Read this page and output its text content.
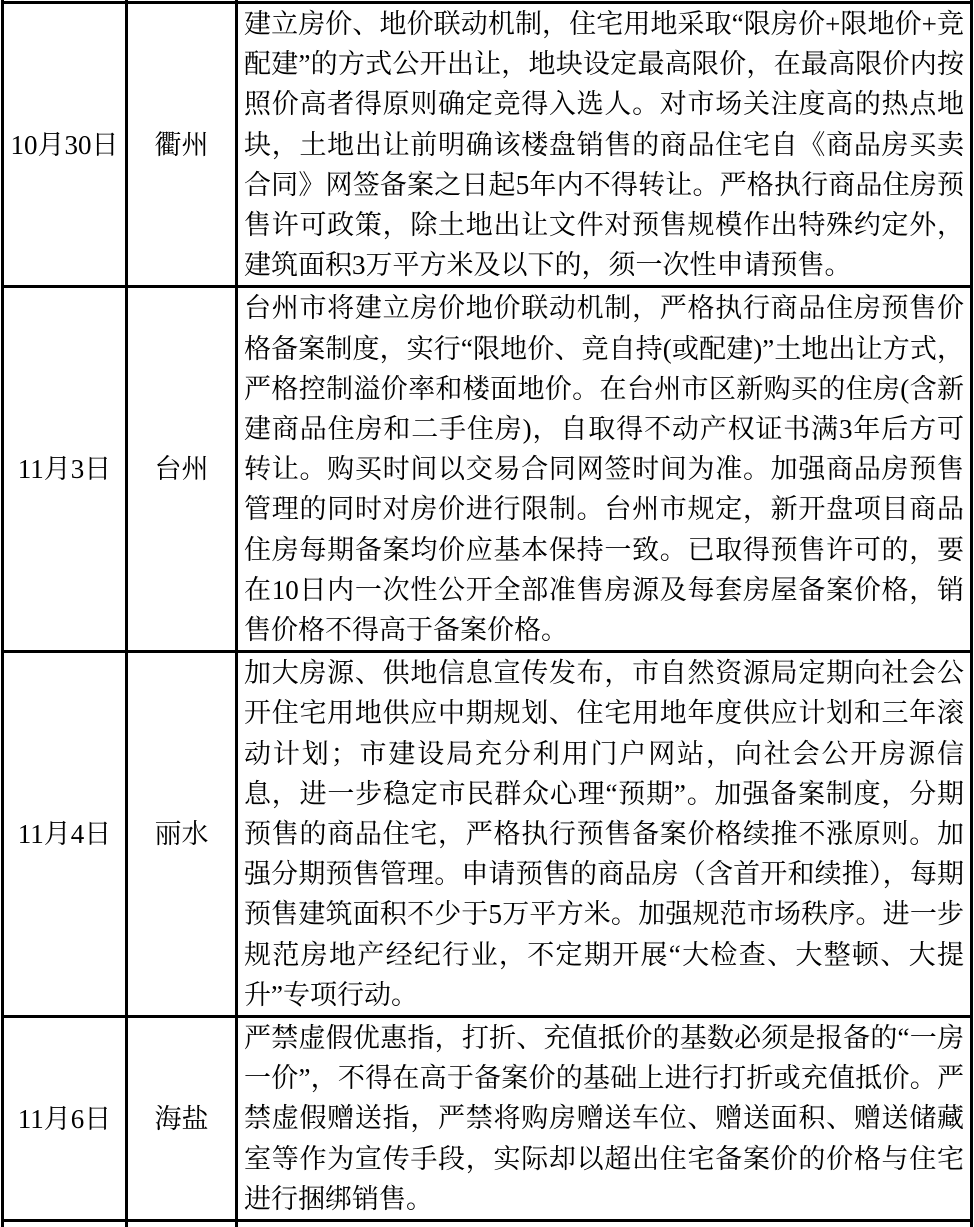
10月30日	衢州	建立房价、地价联动机制，住宅用地采取“限房价+限地价+竞配建”的方式公开出让，地块设定最高限价，在最高限价内按照价高者得原则确定竞得入选人。对市场关注度高的热点地块，土地出让前明确该楼盘销售的商品住宅自《商品房买卖合同》网签备案之日起5年内不得转让。严格执行商品住房预售许可政策，除土地出让文件对预售规模作出特殊约定外，建筑面积3万平方米及以下的，须一次性申请预售。
11月3日	台州	台州市将建立房价地价联动机制，严格执行商品住房预售价格备案制度，实行“限地价、竞自持(或配建)”土地出让方式，严格控制溢价率和楼面地价。在台州市区新购买的住房(含新建商品住房和二手住房)，自取得不动产权证书满3年后方可转让。购买时间以交易合同网签时间为准。加强商品房预售管理的同时对房价进行限制。台州市规定，新开盘项目商品住房每期备案均价应基本保持一致。已取得预售许可的，要在10日内一次性公开全部准售房源及每套房屋备案价格，销售价格不得高于备案价格。
11月4日	丽水	加大房源、供地信息宣传发布，市自然资源局定期向社会公开住宅用地供应中期规划、住宅用地年度供应计划和三年滚动计划；市建设局充分利用门户网站，向社会公开房源信息，进一步稳定市民群众心理“预期”。加强备案制度，分期预售的商品住宅，严格执行预售备案价格续推不涨原则。加强分期预售管理。申请预售的商品房（含首开和续推），每期预售建筑面积不少于5万平方米。加强规范市场秩序。进一步规范房地产经纪行业，不定期开展“大检查、大整顿、大提升”专项行动。
11月6日	海盐	严禁虚假优惠指，打折、充值抵价的基数必须是报备的“一房一价”，不得在高于备案价的基础上进行打折或充值抵价。严禁虚假赠送指，严禁将购房赠送车位、赠送面积、赠送储藏室等作为宣传手段，实际却以超出住宅备案价的价格与住宅进行捆绑销售。
